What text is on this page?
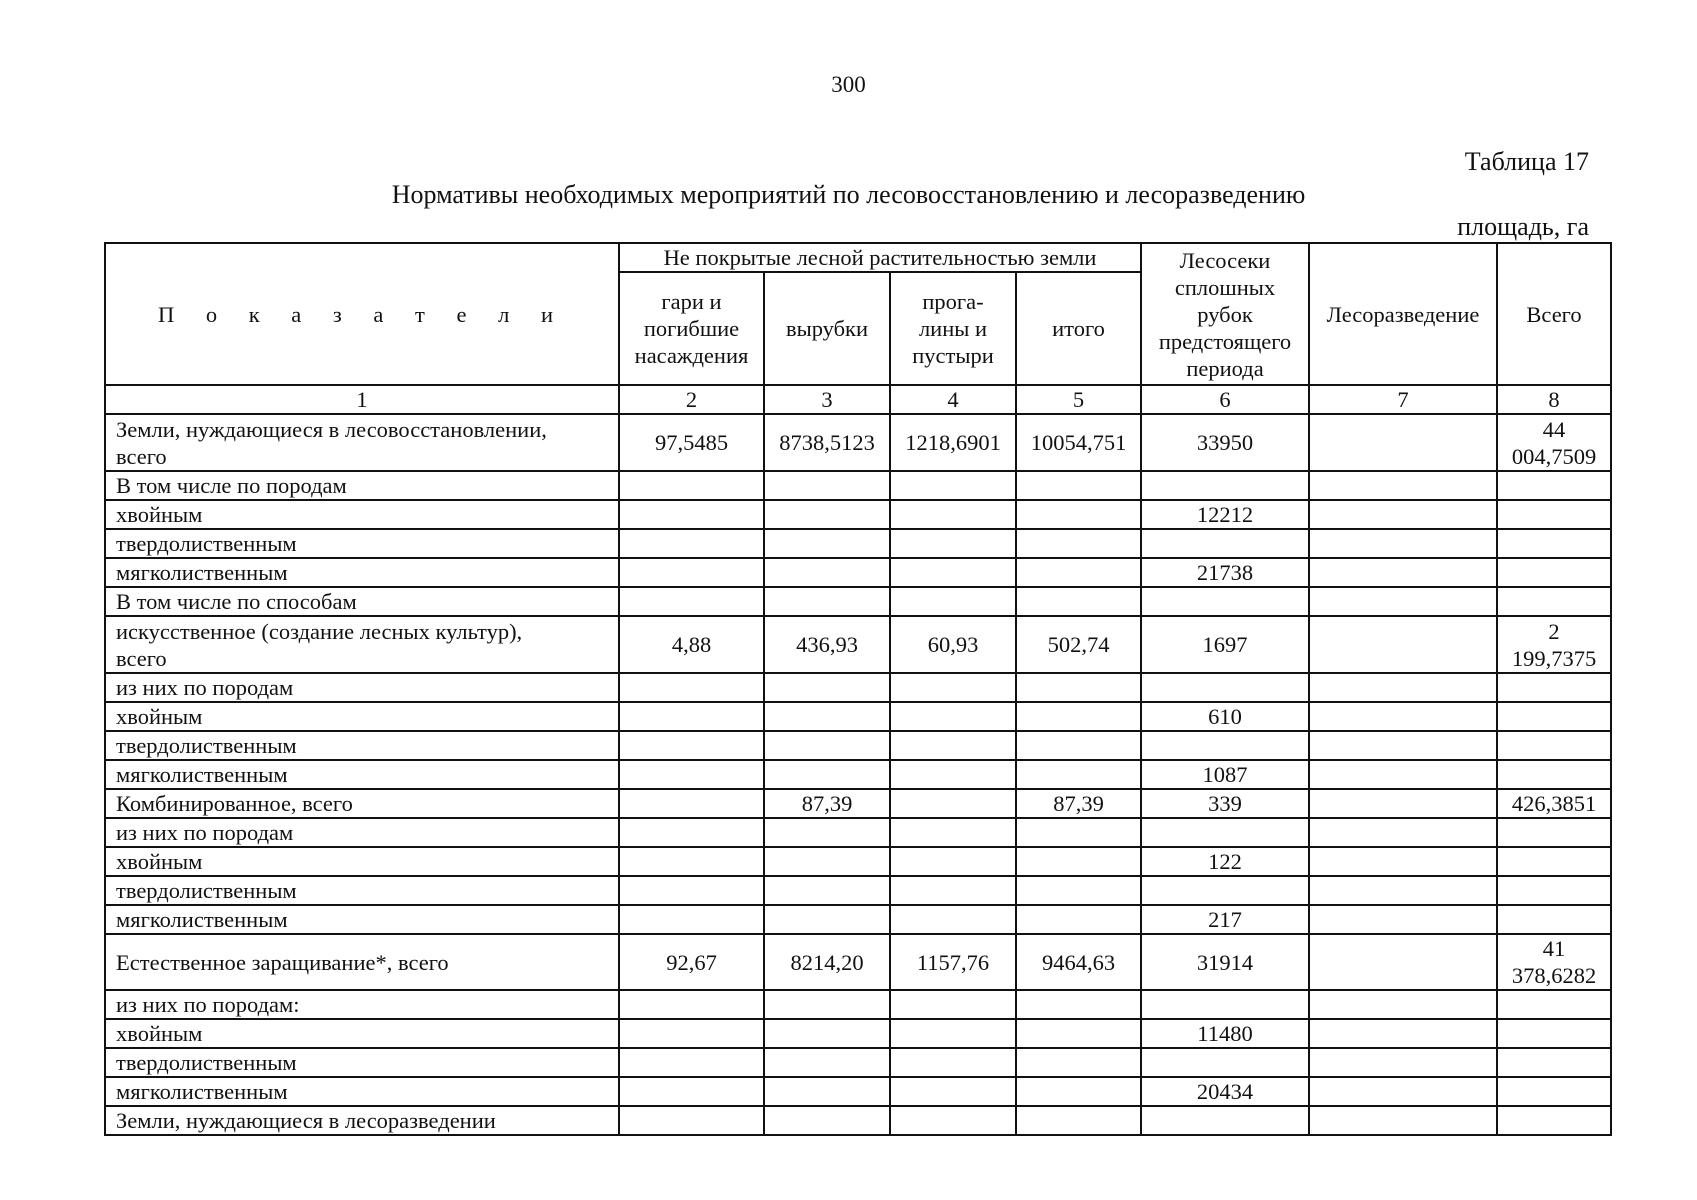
300
Таблица 17
Нормативы необходимых мероприятий по лесовосстановлению и лесоразведению
площадь, га
П о к а з а т е л и	Не покрытые лесной растительностью земли				Лесосеки
сплошных
рубок
предстоящего
периода	Лесоразведение	Всего

	гари и
погибшие
насаждения	вырубки	прога-
лины и
пустыри	итого			
1	2	3	4	5	6	7	8

Земли, нуждающиеся в лесовосстановлении,
всего	97,5485	8738,5123	1218,6901	10054,751	33950		44
004,7509

В том числе по породам							

хвойным					12212		

твердолиственным							

мягколиственным					21738		

В том числе по способам							

искусственное (создание лесных культур),
всего	4,88	436,93	60,93	502,74	1697		2
199,7375

из них по породам							

хвойным					610		

твердолиственным							

мягколиственным					1087		

Комбинированное, всего		87,39		87,39	339		426,3851

из них по породам							

хвойным					122		

твердолиственным							

мягколиственным					217		

Естественное заращивание*, всего	92,67	8214,20	1157,76	9464,63	31914		41
378,6282

из них по породам:							

хвойным					11480		

твердолиственным							

мягколиственным					20434		

Земли, нуждающиеся в лесоразведении							
